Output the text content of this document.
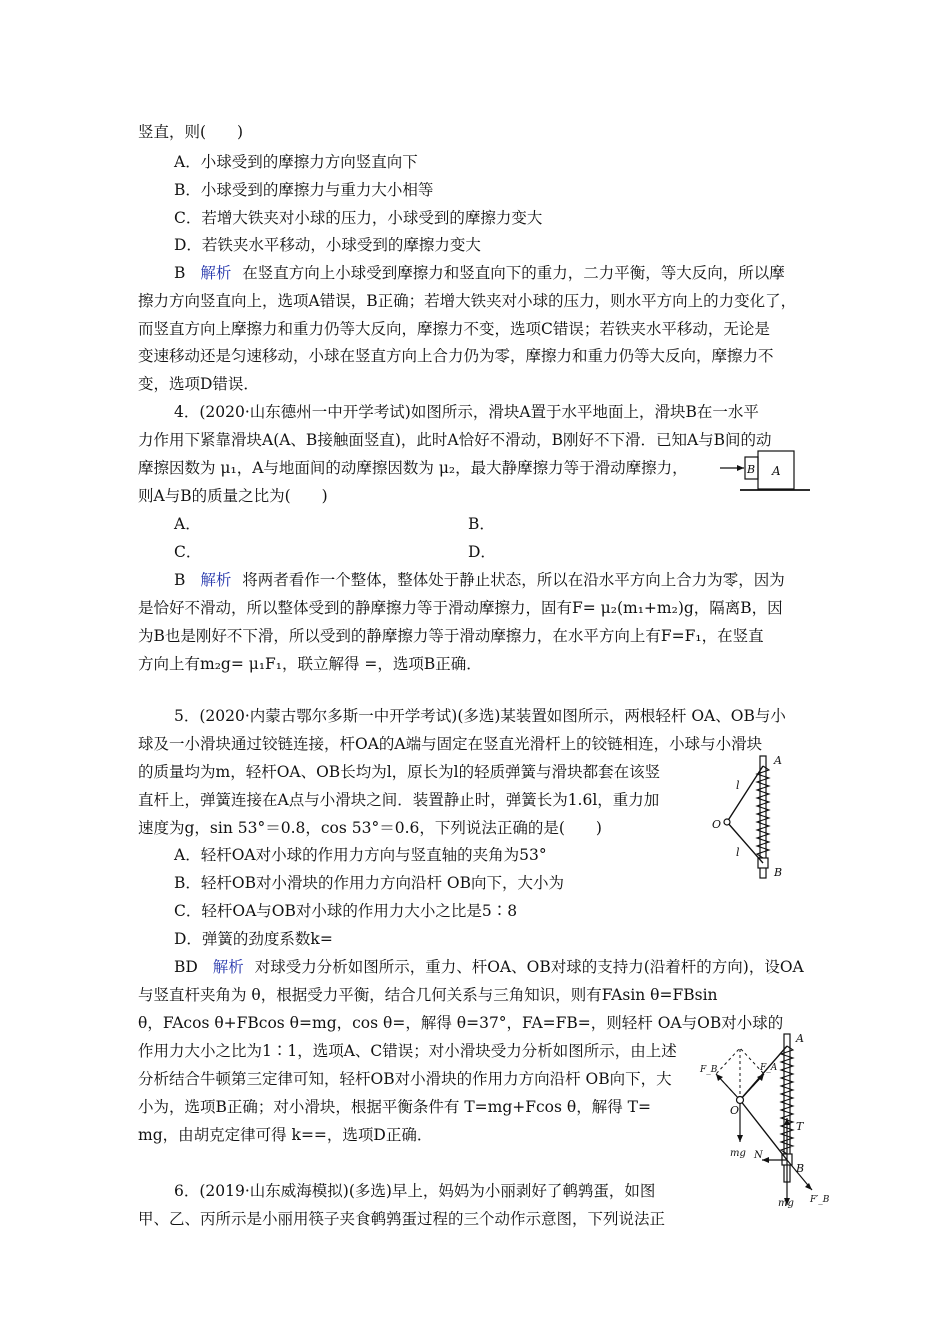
竖直，则(　　)
A．小球受到的摩擦力方向竖直向下
B．小球受到的摩擦力与重力大小相等
C．若增大铁夹对小球的压力，小球受到的摩擦力变大
D．若铁夹水平移动，小球受到的摩擦力变大
B 解析 在竖直方向上小球受到摩擦力和竖直向下的重力，二力平衡，等大反向，所以摩
擦力方向竖直向上，选项A错误，B正确；若增大铁夹对小球的压力，则水平方向上的力变化了，
而竖直方向上摩擦力和重力仍等大反向，摩擦力不变，选项C错误；若铁夹水平移动，无论是
变速移动还是匀速移动，小球在竖直方向上合力仍为零，摩擦力和重力仍等大反向，摩擦力不
变，选项D错误．
4．(2020·山东德州一中开学考试)如图所示，滑块A置于水平地面上，滑块B在一水平
力作用下紧靠滑块A(A、B接触面竖直)，此时A恰好不滑动，B刚好不下滑．已知A与B间的动
摩擦因数为 μ₁，A与地面间的动摩擦因数为 μ₂，最大静摩擦力等于滑动摩擦力，
则A与B的质量之比为(　　)
B A
A．	B．
C．	D．
B 解析 将两者看作一个整体，整体处于静止状态，所以在沿水平方向上合力为零，因为
是恰好不滑动，所以整体受到的静摩擦力等于滑动摩擦力，固有F= μ₂(m₁+m₂)g，隔离B，因
为B也是刚好不下滑，所以受到的静摩擦力等于滑动摩擦力，在水平方向上有F=F₁，在竖直
方向上有m₂g= μ₁F₁，联立解得 =，选项B正确．
5．(2020·内蒙古鄂尔多斯一中开学考试)(多选)某装置如图所示，两根轻杆 OA、OB与小
球及一小滑块通过铰链连接，杆OA的A端与固定在竖直光滑杆上的铰链相连，小球与小滑块
的质量均为m，轻杆OA、OB长均为l，原长为l的轻质弹簧与滑块都套在该竖
直杆上，弹簧连接在A点与小滑块之间．装置静止时，弹簧长为1.6l，重力加
速度为g，sin 53°＝0.8，cos 53°＝0.6，下列说法正确的是(　　)
A
l
O
l
B
A．轻杆OA对小球的作用力方向与竖直轴的夹角为53°
B．轻杆OB对小滑块的作用力方向沿杆 OB向下，大小为
C．轻杆OA与OB对小球的作用力大小之比是5∶8
D．弹簧的劲度系数k=
BD 解析 对球受力分析如图所示，重力、杆OA、OB对球的支持力(沿着杆的方向)，设OA
与竖直杆夹角为 θ，根据受力平衡，结合几何关系与三角知识，则有FAsin θ=FBsin
θ，FAcos θ+FBcos θ=mg，cos θ=，解得 θ=37°，FA=FB=，则轻杆 OA与OB对小球的
作用力大小之比为1∶1，选项A、C错误；对小滑块受力分析如图所示，由上述
分析结合牛顿第三定律可知，轻杆OB对小滑块的作用力方向沿杆 OB向下，大
小为，选项B正确；对小滑块，根据平衡条件有 T=mg+Fcos θ，解得 T=
mg，由胡克定律可得 k==，选项D正确．
A
F_B	F_A
O
T
mg N
B
mg F′_B
6．(2019·山东威海模拟)(多选)早上，妈妈为小丽剥好了鹌鹑蛋，如图
甲、乙、丙所示是小丽用筷子夹食鹌鹑蛋过程的三个动作示意图，下列说法正
